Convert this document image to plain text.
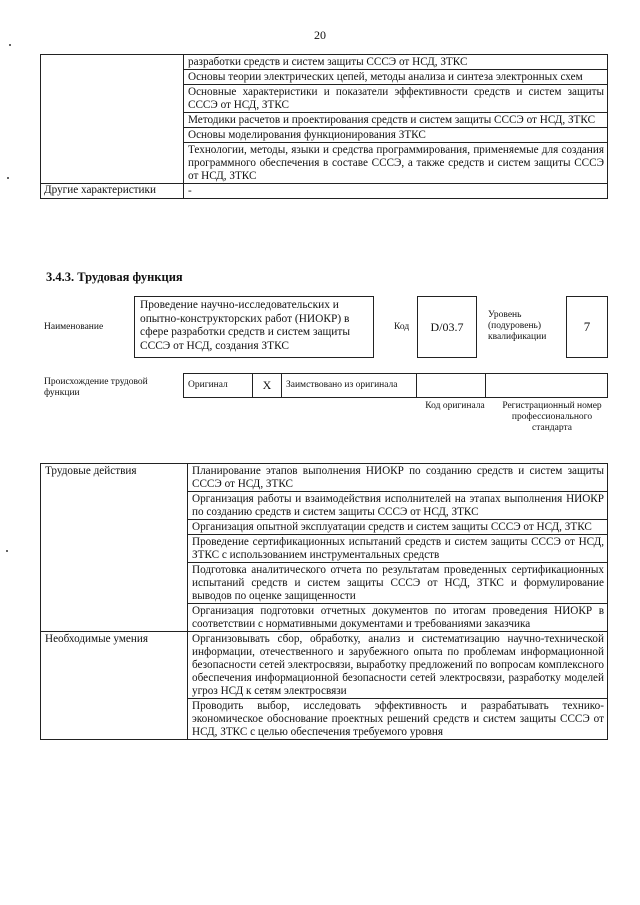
20
	разработки средств и систем защиты СССЭ от НСД, ЗТКС
	Основы теории электрических цепей, методы анализа и синтеза электронных схем
	Основные характеристики и показатели эффективности средств и систем защиты СССЭ от НСД, ЗТКС
	Методики расчетов и проектирования средств и систем защиты СССЭ от НСД, ЗТКС
	Основы моделирования функционирования ЗТКС
	Технологии, методы, языки и средства программирования, применяемые для создания программного обеспечения в составе СССЭ, а также средств и систем защиты СССЭ от НСД, ЗТКС
Другие характеристики	-
3.4.3. Трудовая функция
Наименование
Проведение научно-исследовательских и опытно-конструкторских работ (НИОКР) в сфере разработки средств и систем защиты СССЭ от НСД, создания ЗТКС
Код	D/03.7
Уровень (подуровень) квалификации
7
Происхождение трудовой функции
Оригинал	X	Заимствовано из оригинала		
Код оригинала	Регистрационный номер профессионального стандарта
Трудовые действия	Планирование этапов выполнения НИОКР по созданию средств и систем защиты СССЭ от НСД, ЗТКС
	Организация работы и взаимодействия исполнителей на этапах выполнения НИОКР по созданию средств и систем защиты СССЭ от НСД, ЗТКС
	Организация опытной эксплуатации средств и систем защиты СССЭ от НСД, ЗТКС
	Проведение сертификационных испытаний средств и систем защиты СССЭ от НСД, ЗТКС с использованием инструментальных средств
	Подготовка аналитического отчета по результатам проведенных сертификационных испытаний средств и систем защиты СССЭ от НСД, ЗТКС и формулирование выводов по оценке защищенности
	Организация подготовки отчетных документов по итогам проведения НИОКР в соответствии с нормативными документами и требованиями заказчика
Необходимые умения	Организовывать сбор, обработку, анализ и систематизацию научно-технической информации, отечественного и зарубежного опыта по проблемам информационной безопасности сетей электросвязи, выработку предложений по вопросам комплексного обеспечения информационной безопасности сетей электросвязи, разработку моделей угроз НСД к сетям электросвязи
	Проводить выбор, исследовать эффективность и разрабатывать технико-экономическое обоснование проектных решений средств и систем защиты СССЭ от НСД, ЗТКС с целью обеспечения требуемого уровня
